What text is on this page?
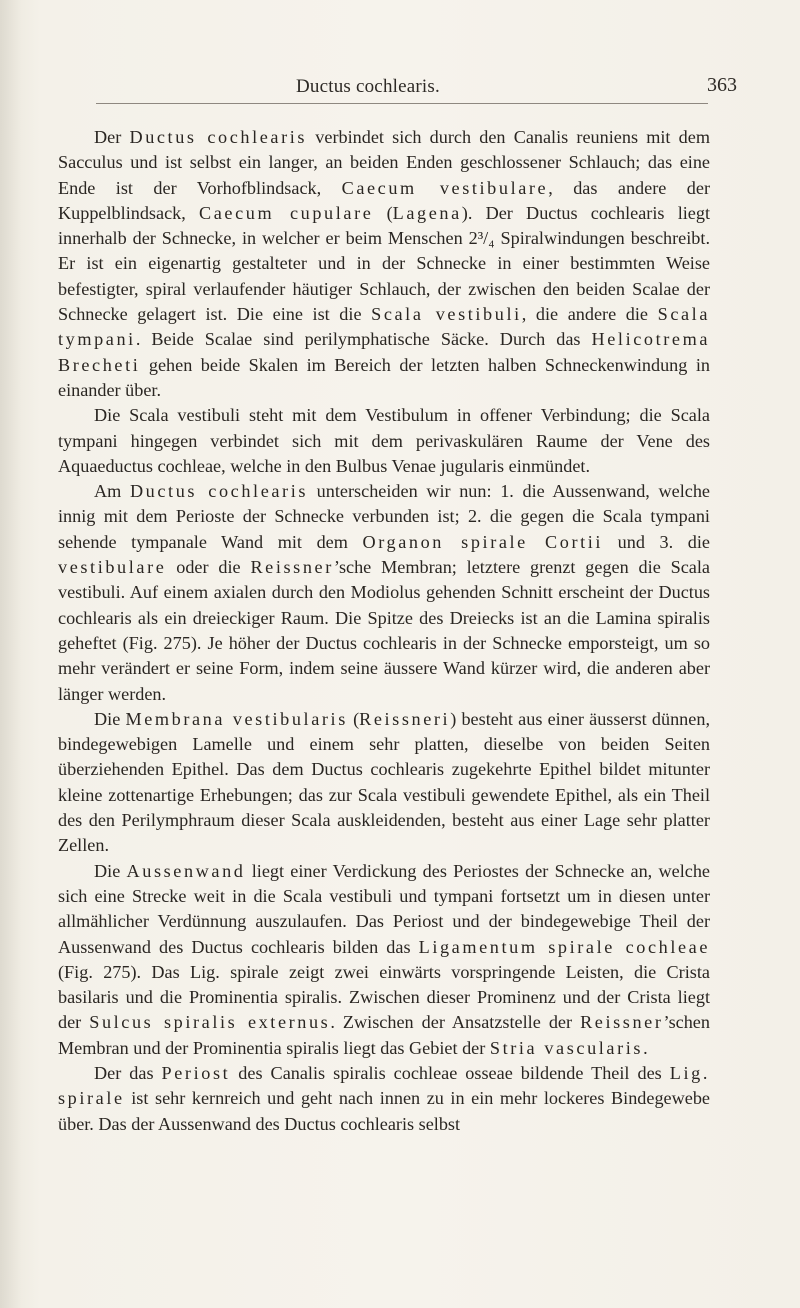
Ductus cochlearis.	363

Der Ductus cochlearis verbindet sich durch den Canalis reuniens mit dem Sacculus und ist selbst ein langer, an beiden Enden geschlossener Schlauch; das eine Ende ist der Vorhofblindsack, Caecum vestibulare, das andere der Kuppelblindsack, Caecum cupulare (Lagena). Der Ductus cochlearis liegt innerhalb der Schnecke, in welcher er beim Menschen 2³/₄ Spiralwindungen beschreibt. Er ist ein eigenartig gestalteter und in der Schnecke in einer bestimmten Weise befestigter, spiral verlaufender häutiger Schlauch, der zwischen den beiden Scalae der Schnecke gelagert ist. Die eine ist die Scala vestibuli, die andere die Scala tympani. Beide Scalae sind perilymphatische Säcke. Durch das Helicotrema Brecheti gehen beide Skalen im Bereich der letzten halben Schneckenwindung in einander über.

Die Scala vestibuli steht mit dem Vestibulum in offener Verbindung; die Scala tympani hingegen verbindet sich mit dem perivaskulären Raume der Vene des Aquaeductus cochleae, welche in den Bulbus Venae jugularis einmündet.

Am Ductus cochlearis unterscheiden wir nun: 1. die Aussenwand, welche innig mit dem Perioste der Schnecke verbunden ist; 2. die gegen die Scala tympani sehende tympanale Wand mit dem Organon spirale Cortii und 3. die vestibulare oder die Reissner’sche Membran; letztere grenzt gegen die Scala vestibuli. Auf einem axialen durch den Modiolus gehenden Schnitt erscheint der Ductus cochlearis als ein dreieckiger Raum. Die Spitze des Dreiecks ist an die Lamina spiralis geheftet (Fig. 275). Je höher der Ductus cochlearis in der Schnecke emporsteigt, um so mehr verändert er seine Form, indem seine äussere Wand kürzer wird, die anderen aber länger werden.

Die Membrana vestibularis (Reissneri) besteht aus einer äusserst dünnen, bindegewebigen Lamelle und einem sehr platten, dieselbe von beiden Seiten überziehenden Epithel. Das dem Ductus cochlearis zugekehrte Epithel bildet mitunter kleine zottenartige Erhebungen; das zur Scala vestibuli gewendete Epithel, als ein Theil des den Perilymphraum dieser Scala auskleidenden, besteht aus einer Lage sehr platter Zellen.

Die Aussenwand liegt einer Verdickung des Periostes der Schnecke an, welche sich eine Strecke weit in die Scala vestibuli und tympani fortsetzt um in diesen unter allmählicher Verdünnung auszulaufen. Das Periost und der bindegewebige Theil der Aussenwand des Ductus cochlearis bilden das Ligamentum spirale cochleae (Fig. 275). Das Lig. spirale zeigt zwei einwärts vorspringende Leisten, die Crista basilaris und die Prominentia spiralis. Zwischen dieser Prominenz und der Crista liegt der Sulcus spiralis externus. Zwischen der Ansatzstelle der Reissner’schen Membran und der Prominentia spiralis liegt das Gebiet der Stria vascularis.

Der das Periost des Canalis spiralis cochleae osseae bildende Theil des Lig. spirale ist sehr kernreich und geht nach innen zu in ein mehr lockeres Bindegewebe über. Das der Aussenwand des Ductus cochlearis selbst
